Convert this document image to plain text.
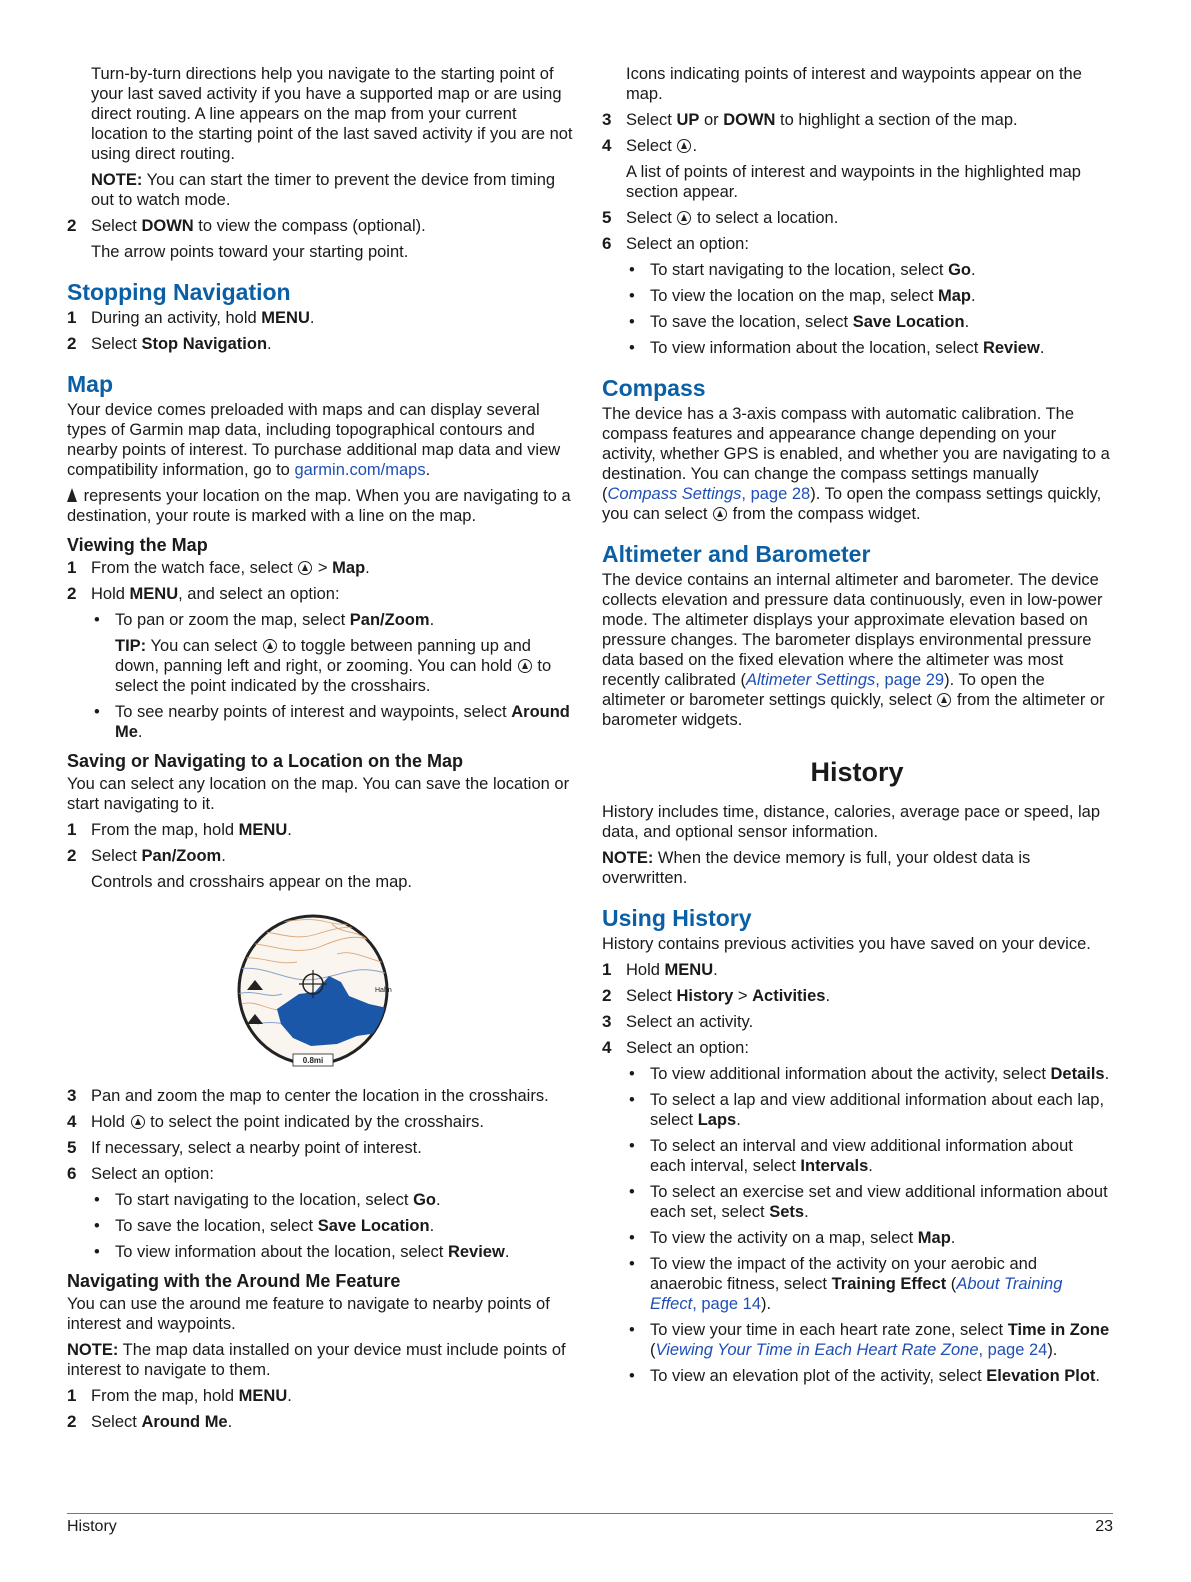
Turn-by-turn directions help you navigate to the starting point of your last saved activity if you have a supported map or are using direct routing. A line appears on the map from your current location to the starting point of the last saved activity if you are not using direct routing.

NOTE: You can start the timer to prevent the device from timing out to watch mode.

2 Select DOWN to view the compass (optional).

The arrow points toward your starting point.

Stopping Navigation
1 During an activity, hold MENU.
2 Select Stop Navigation.
Map

Your device comes preloaded with maps and can display several types of Garmin map data, including topographical contours and nearby points of interest. To purchase additional map data and view compatibility information, go to garmin.com/maps.

represents your location on the map. When you are navigating to a destination, your route is marked with a line on the map.

Viewing the Map
1 From the watch face, select  > Map.
2 Hold MENU, and select an option:
• To pan or zoom the map, select Pan/Zoom.

TIP: You can select  to toggle between panning up and down, panning left and right, or zooming. You can hold  to select the point indicated by the crosshairs.

• To see nearby points of interest and waypoints, select Around Me.
Saving or Navigating to a Location on the Map

You can select any location on the map. You can save the location or start navigating to it.

1 From the map, hold MENU.
2 Select Pan/Zoom.

Controls and crosshairs appear on the map.

0.8mi
Hahn
3 Pan and zoom the map to center the location in the crosshairs.
4 Hold  to select the point indicated by the crosshairs.
5 If necessary, select a nearby point of interest.
6 Select an option:
• To start navigating to the location, select Go.
• To save the location, select Save Location.
• To view information about the location, select Review.
Navigating with the Around Me Feature

You can use the around me feature to navigate to nearby points of interest and waypoints.

NOTE: The map data installed on your device must include points of interest to navigate to them.

1 From the map, hold MENU.
2 Select Around Me.

Icons indicating points of interest and waypoints appear on the map.

3 Select UP or DOWN to highlight a section of the map.
4 Select .

A list of points of interest and waypoints in the highlighted map section appear.

5 Select  to select a location.
6 Select an option:
• To start navigating to the location, select Go.
• To view the location on the map, select Map.
• To save the location, select Save Location.
• To view information about the location, select Review.
Compass

The device has a 3-axis compass with automatic calibration. The compass features and appearance change depending on your activity, whether GPS is enabled, and whether you are navigating to a destination. You can change the compass settings manually (Compass Settings, page 28). To open the compass settings quickly, you can select  from the compass widget.

Altimeter and Barometer

The device contains an internal altimeter and barometer. The device collects elevation and pressure data continuously, even in low-power mode. The altimeter displays your approximate elevation based on pressure changes. The barometer displays environmental pressure data based on the fixed elevation where the altimeter was most recently calibrated (Altimeter Settings, page 29). To open the altimeter or barometer settings quickly, select  from the altimeter or barometer widgets.

History

History includes time, distance, calories, average pace or speed, lap data, and optional sensor information.

NOTE: When the device memory is full, your oldest data is overwritten.

Using History

History contains previous activities you have saved on your device.

1 Hold MENU.
2 Select History > Activities.
3 Select an activity.
4 Select an option:
• To view additional information about the activity, select Details.
• To select a lap and view additional information about each lap, select Laps.
• To select an interval and view additional information about each interval, select Intervals.
• To select an exercise set and view additional information about each set, select Sets.
• To view the activity on a map, select Map.
• To view the impact of the activity on your aerobic and anaerobic fitness, select Training Effect (About Training Effect, page 14).
• To view your time in each heart rate zone, select Time in Zone (Viewing Your Time in Each Heart Rate Zone, page 24).
• To view an elevation plot of the activity, select Elevation Plot.
History	23
